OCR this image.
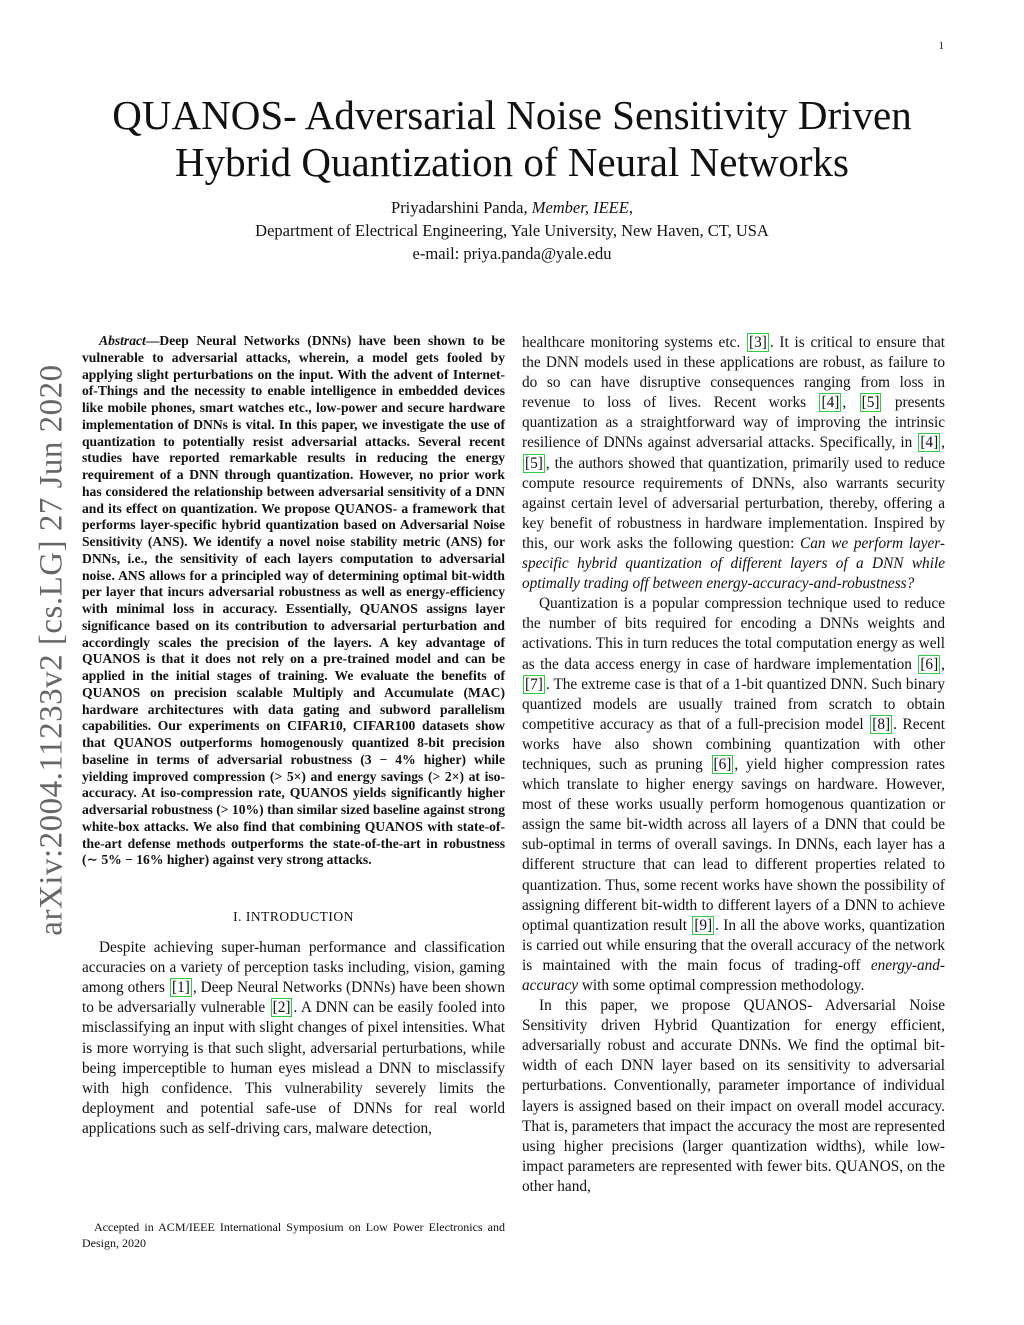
1
arXiv:2004.11233v2 [cs.LG] 27 Jun 2020
QUANOS- Adversarial Noise Sensitivity Driven
Hybrid Quantization of Neural Networks
Priyadarshini Panda, Member, IEEE,
Department of Electrical Engineering, Yale University, New Haven, CT, USA
e-mail: priya.panda@yale.edu

Abstract—Deep Neural Networks (DNNs) have been shown to be vulnerable to adversarial attacks, wherein, a model gets fooled by applying slight perturbations on the input. With the advent of Internet-of-Things and the necessity to enable intelligence in embedded devices like mobile phones, smart watches etc., low-power and secure hardware implementation of DNNs is vital. In this paper, we investigate the use of quantization to potentially resist adversarial attacks. Several recent studies have reported remarkable results in reducing the energy requirement of a DNN through quantization. However, no prior work has considered the relationship between adversarial sensitivity of a DNN and its effect on quantization. We propose QUANOS- a framework that performs layer-specific hybrid quantization based on Adversarial Noise Sensitivity (ANS). We identify a novel noise stability metric (ANS) for DNNs, i.e., the sensitivity of each layers computation to adversarial noise. ANS allows for a principled way of determining optimal bit-width per layer that incurs adversarial robustness as well as energy-efficiency with minimal loss in accuracy. Essentially, QUANOS assigns layer significance based on its contribution to adversarial perturbation and accordingly scales the precision of the layers. A key advantage of QUANOS is that it does not rely on a pre-trained model and can be applied in the initial stages of training. We evaluate the benefits of QUANOS on precision scalable Multiply and Accumulate (MAC) hardware architectures with data gating and subword parallelism capabilities. Our experiments on CIFAR10, CIFAR100 datasets show that QUANOS outperforms homogenously quantized 8-bit precision baseline in terms of adversarial robustness (3 − 4% higher) while yielding improved compression (> 5×) and energy savings (> 2×) at iso-accuracy. At iso-compression rate, QUANOS yields significantly higher adversarial robustness (> 10%) than similar sized baseline against strong white-box attacks. We also find that combining QUANOS with state-of-the-art defense methods outperforms the state-of-the-art in robustness (∼ 5% − 16% higher) against very strong attacks.

I. INTRODUCTION

Despite achieving super-human performance and classification accuracies on a variety of perception tasks including, vision, gaming among others [1] , Deep Neural Networks (DNNs) have been shown to be adversarially vulnerable [2] . A DNN can be easily fooled into misclassifying an input with slight changes of pixel intensities. What is more worrying is that such slight, adversarial perturbations, while being imperceptible to human eyes mislead a DNN to misclassify with high confidence. This vulnerability severely limits the deployment and potential safe-use of DNNs for real world applications such as self-driving cars, malware detection,

Accepted in ACM/IEEE International Symposium on Low Power Electronics and Design, 2020

healthcare monitoring systems etc. [3] . It is critical to ensure that the DNN models used in these applications are robust, as failure to do so can have disruptive consequences ranging from loss in revenue to loss of lives. Recent works [4] , [5] presents quantization as a straightforward way of improving the intrinsic resilience of DNNs against adversarial attacks. Specifically, in [4] , [5] , the authors showed that quantization, primarily used to reduce compute resource requirements of DNNs, also warrants security against certain level of adversarial perturbation, thereby, offering a key benefit of robustness in hardware implementation. Inspired by this, our work asks the following question: Can we perform layer-specific hybrid quantization of different layers of a DNN while optimally trading off between energy-accuracy-and-robustness?

Quantization is a popular compression technique used to reduce the number of bits required for encoding a DNNs weights and activations. This in turn reduces the total computation energy as well as the data access energy in case of hardware implementation [6] , [7] . The extreme case is that of a 1-bit quantized DNN. Such binary quantized models are usually trained from scratch to obtain competitive accuracy as that of a full-precision model [8] . Recent works have also shown combining quantization with other techniques, such as pruning [6] , yield higher compression rates which translate to higher energy savings on hardware. However, most of these works usually perform homogenous quantization or assign the same bit-width across all layers of a DNN that could be sub-optimal in terms of overall savings. In DNNs, each layer has a different structure that can lead to different properties related to quantization. Thus, some recent works have shown the possibility of assigning different bit-width to different layers of a DNN to achieve optimal quantization result [9] . In all the above works, quantization is carried out while ensuring that the overall accuracy of the network is maintained with the main focus of trading-off energy-and-accuracy with some optimal compression methodology.

In this paper, we propose QUANOS- Adversarial Noise Sensitivity driven Hybrid Quantization for energy efficient, adversarially robust and accurate DNNs. We find the optimal bit-width of each DNN layer based on its sensitivity to adversarial perturbations. Conventionally, parameter importance of individual layers is assigned based on their impact on overall model accuracy. That is, parameters that impact the accuracy the most are represented using higher precisions (larger quantization widths), while low-impact parameters are represented with fewer bits. QUANOS, on the other hand,
